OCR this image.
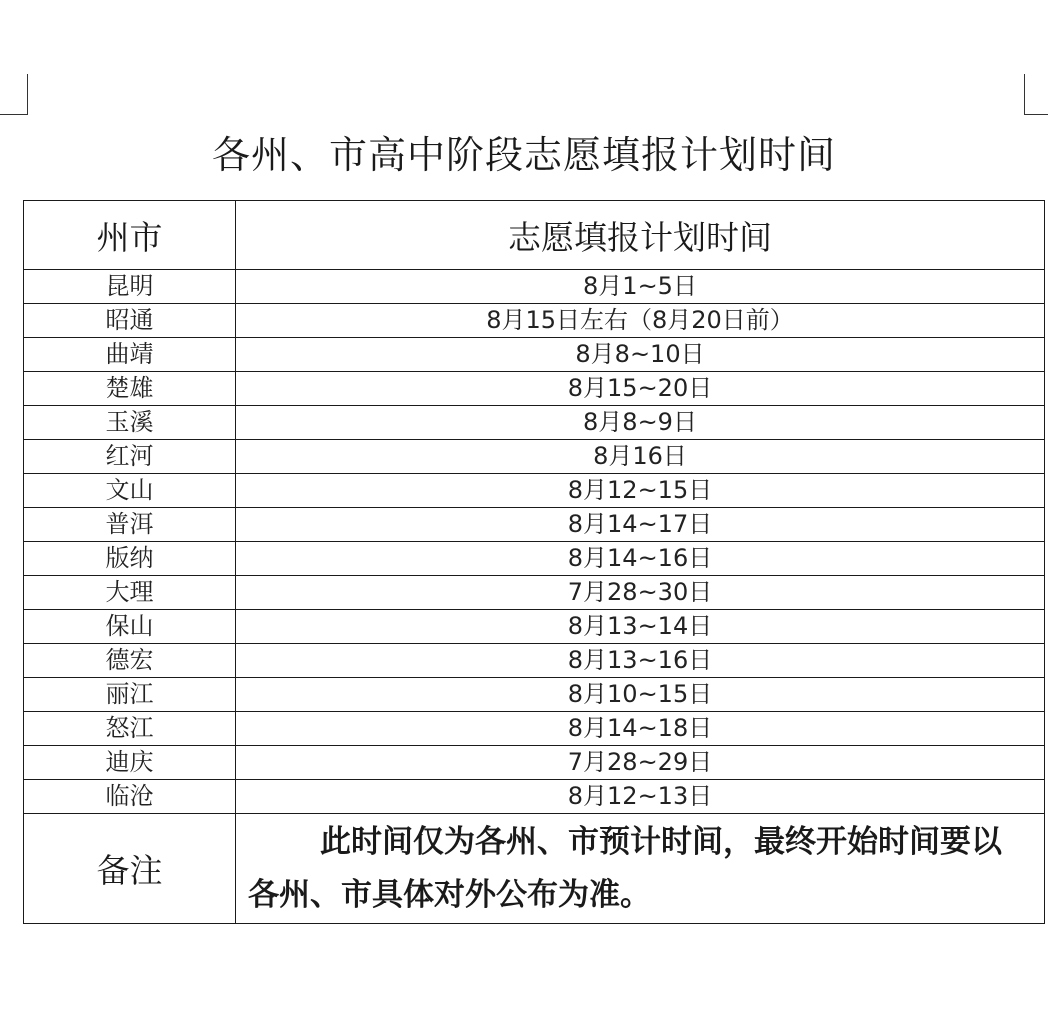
各州、市高中阶段志愿填报计划时间
州市	志愿填报计划时间
昆明	8月1~5日
昭通	8月15日左右（8月20日前）
曲靖	8月8~10日
楚雄	8月15~20日
玉溪	8月8~9日
红河	8月16日
文山	8月12~15日
普洱	8月14~17日
版纳	8月14~16日
大理	7月28~30日
保山	8月13~14日
德宏	8月13~16日
丽江	8月10~15日
怒江	8月14~18日
迪庆	7月28~29日
临沧	8月12~13日
备注	此时间仅为各州、市预计时间，最终开始时间要以各州、市具体对外公布为准。
